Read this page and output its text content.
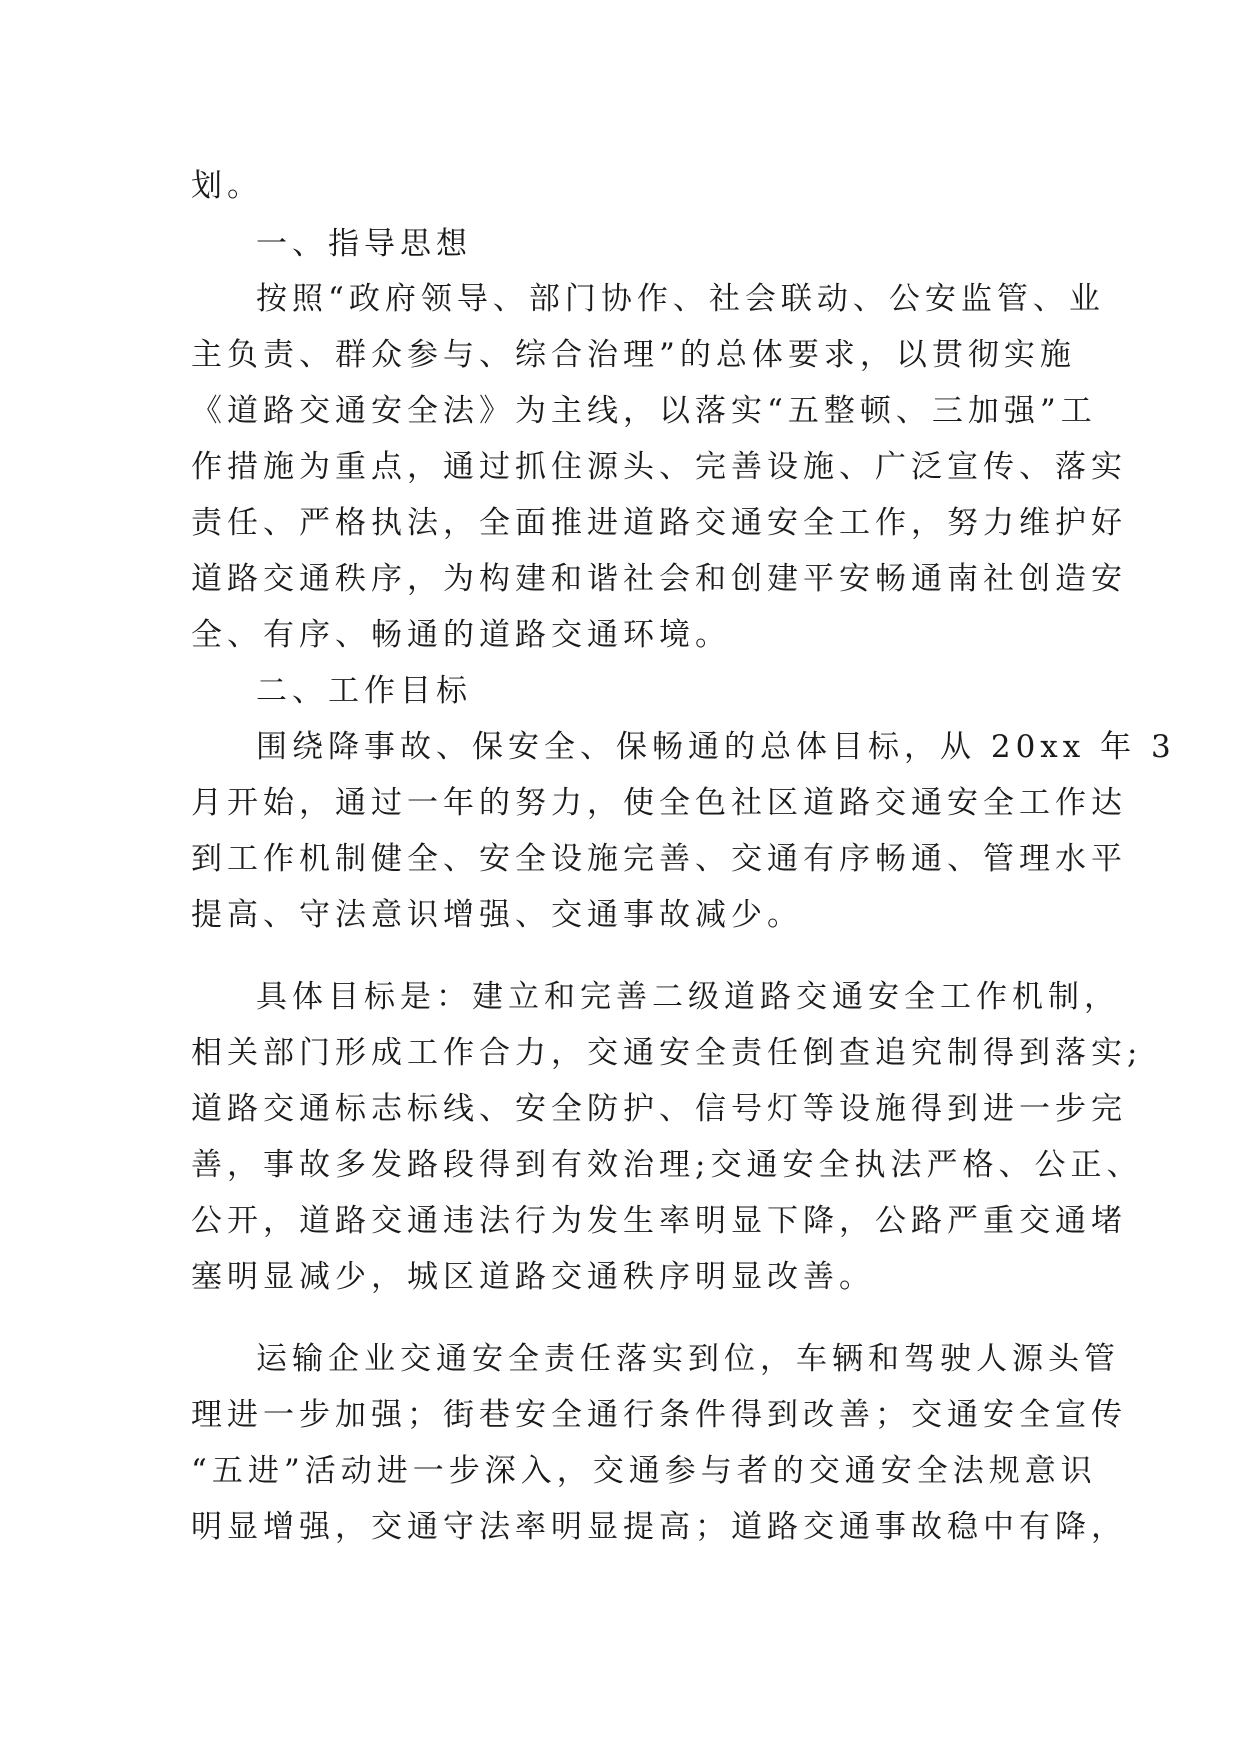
划。
一、指导思想
按照“政府领导、部门协作、社会联动、公安监管、业
主负责、群众参与、综合治理”的总体要求，以贯彻实施
《道路交通安全法》为主线，以落实“五整顿、三加强”工
作措施为重点，通过抓住源头、完善设施、广泛宣传、落实
责任、严格执法，全面推进道路交通安全工作，努力维护好
道路交通秩序，为构建和谐社会和创建平安畅通南社创造安
全、有序、畅通的道路交通环境。
二、工作目标
围绕降事故、保安全、保畅通的总体目标，从 20xx 年 3
月开始，通过一年的努力，使全色社区道路交通安全工作达
到工作机制健全、安全设施完善、交通有序畅通、管理水平
提高、守法意识增强、交通事故减少。
具体目标是：建立和完善二级道路交通安全工作机制，
相关部门形成工作合力，交通安全责任倒查追究制得到落实;
道路交通标志标线、安全防护、信号灯等设施得到进一步完
善，事故多发路段得到有效治理;交通安全执法严格、公正、
公开，道路交通违法行为发生率明显下降，公路严重交通堵
塞明显减少，城区道路交通秩序明显改善。
运输企业交通安全责任落实到位，车辆和驾驶人源头管
理进一步加强；街巷安全通行条件得到改善；交通安全宣传
“五进”活动进一步深入，交通参与者的交通安全法规意识
明显增强，交通守法率明显提高；道路交通事故稳中有降，
